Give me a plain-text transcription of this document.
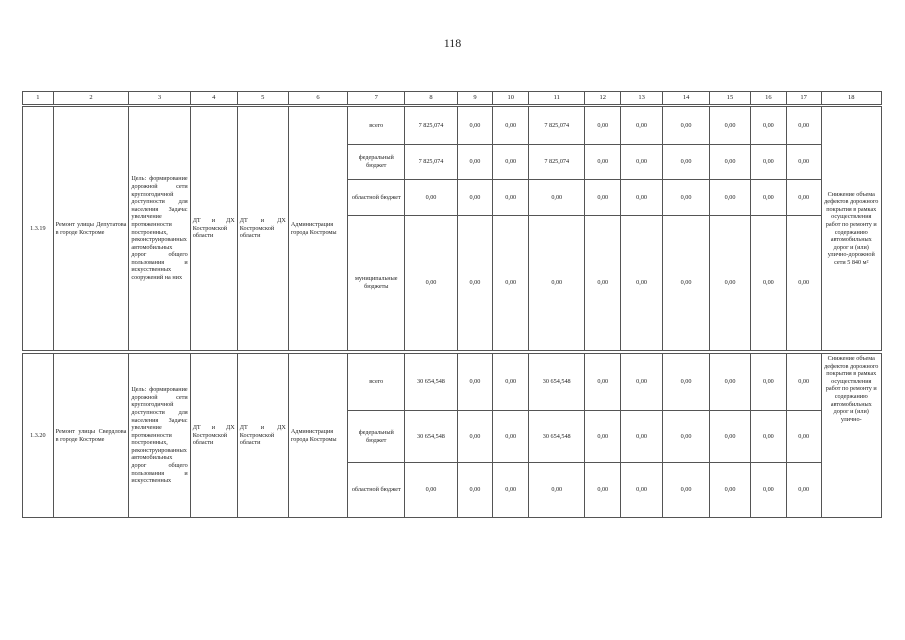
118
1	2	3	4	5	6	7	8	9	10	11	12	13	14	15	16	17	18

1.3.19	Ремонт улицы Депутатова в городе Костроме	Цель: формирование дорожной сети круглогодичной доступности для населения Задача: увеличение протяженности построенных, реконструированных автомобильных дорог общего пользования и искусственных сооружений на них	ДТ и ДХ Костромской области	ДТ и ДХ Костромской области	Администрация города Костромы	всего	7 825,074	0,00	0,00	7 825,074	0,00	0,00	0,00	0,00	0,00	0,00	Снижение объема дефектов дорожного покрытия в рамках осуществления работ по ремонту и содержанию автомобильных дорог и (или) улично-дорожной сети 5 840 м²
						федеральный бюджет	7 825,074	0,00	0,00	7 825,074	0,00	0,00	0,00	0,00	0,00	0,00	
						областной бюджет	0,00	0,00	0,00	0,00	0,00	0,00	0,00	0,00	0,00	0,00	
						муниципальные бюджеты	0,00	0,00	0,00	0,00	0,00	0,00	0,00	0,00	0,00	0,00	

1.3.20	Ремонт улицы Свердлова в городе Костроме	Цель: формирование дорожной сети круглогодичной доступности для населения Задача: увеличение протяженности построенных, реконструированных автомобильных дорог общего пользования и искусственных	ДТ и ДХ Костромской области	ДТ и ДХ Костромской области	Администрация города Костромы	всего	30 654,548	0,00	0,00	30 654,548	0,00	0,00	0,00	0,00	0,00	0,00	Снижение объема дефектов дорожного покрытия в рамках осуществления работ по ремонту и содержанию автомобильных дорог и (или) улично-
						федеральный бюджет	30 654,548	0,00	0,00	30 654,548	0,00	0,00	0,00	0,00	0,00	0,00	
						областной бюджет	0,00	0,00	0,00	0,00	0,00	0,00	0,00	0,00	0,00	0,00	
